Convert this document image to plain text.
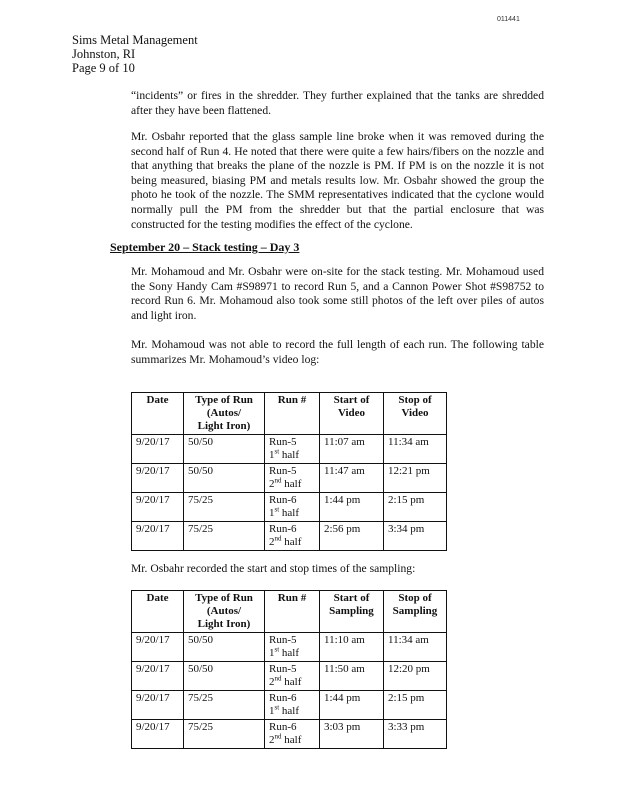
011441
Sims Metal Management
Johnston, RI
Page 9 of 10

“incidents” or fires in the shredder. They further explained that the tanks are shredded after they have been flattened.

Mr. Osbahr reported that the glass sample line broke when it was removed during the second half of Run 4. He noted that there were quite a few hairs/fibers on the nozzle and that anything that breaks the plane of the nozzle is PM. If PM is on the nozzle it is not being measured, biasing PM and metals results low. Mr. Osbahr showed the group the photo he took of the nozzle. The SMM representatives indicated that the cyclone would normally pull the PM from the shredder but that the partial enclosure that was constructed for the testing modifies the effect of the cyclone.

September 20 – Stack testing – Day 3

Mr. Mohamoud and Mr. Osbahr were on-site for the stack testing. Mr. Mohamoud used the Sony Handy Cam #S98971 to record Run 5, and a Cannon Power Shot #S98752 to record Run 6. Mr. Mohamoud also took some still photos of the left over piles of autos and light iron.

Mr. Mohamoud was not able to record the full length of each run. The following table summarizes Mr. Mohamoud’s video log:

Date	Type of Run
(Autos/
Light Iron)	Run #	Start of
Video	Stop of
Video
9/20/17	50/50	Run-5
1st half	11:07 am	11:34 am
9/20/17	50/50	Run-5
2nd half	11:47 am	12:21 pm
9/20/17	75/25	Run-6
1st half	1:44 pm	2:15 pm
9/20/17	75/25	Run-6
2nd half	2:56 pm	3:34 pm

Mr. Osbahr recorded the start and stop times of the sampling:

Date	Type of Run
(Autos/
Light Iron)	Run #	Start of
Sampling	Stop of
Sampling
9/20/17	50/50	Run-5
1st half	11:10 am	11:34 am
9/20/17	50/50	Run-5
2nd half	11:50 am	12:20 pm
9/20/17	75/25	Run-6
1st half	1:44 pm	2:15 pm
9/20/17	75/25	Run-6
2nd half	3:03 pm	3:33 pm
